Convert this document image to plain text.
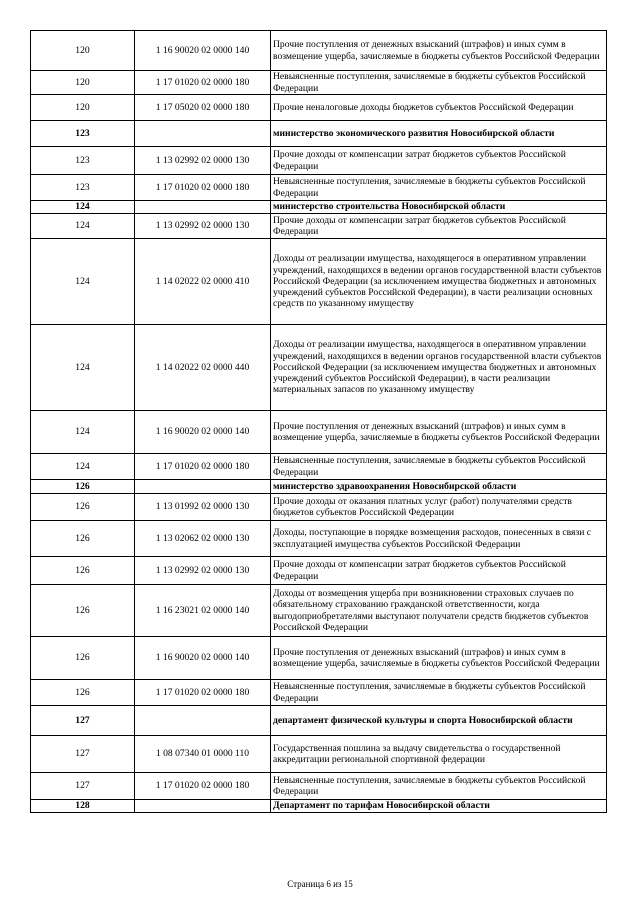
120	1 16 90020 02 0000 140	Прочие поступления от денежных взысканий (штрафов) и иных сумм в возмещение ущерба, зачисляемые в бюджеты субъектов Российской Федерации
120	1 17 01020 02 0000 180	Невыясненные поступления, зачисляемые в бюджеты субъектов Российской Федерации
120	1 17 05020 02 0000 180	Прочие неналоговые доходы бюджетов субъектов Российской Федерации
123		министерство экономического развития Новосибирской области
123	1 13 02992 02 0000 130	Прочие доходы от компенсации затрат бюджетов субъектов Российской Федерации
123	1 17 01020 02 0000 180	Невыясненные поступления, зачисляемые в бюджеты субъектов Российской Федерации
124		министерство строительства Новосибирской области
124	1 13 02992 02 0000 130	Прочие доходы от компенсации затрат бюджетов субъектов Российской Федерации
124	1 14 02022 02 0000 410	Доходы от реализации имущества, находящегося в оперативном управлении учреждений, находящихся в ведении органов государственной власти субъектов Российской Федерации (за исключением имущества бюджетных и автономных учреждений субъектов Российской Федерации), в части реализации основных средств по указанному имуществу
124	1 14 02022 02 0000 440	Доходы от реализации имущества, находящегося в оперативном управлении учреждений, находящихся в ведении органов государственной власти субъектов Российской Федерации (за исключением имущества бюджетных и автономных учреждений субъектов Российской Федерации), в части реализации материальных запасов по указанному имуществу
124	1 16 90020 02 0000 140	Прочие поступления от денежных взысканий (штрафов) и иных сумм в возмещение ущерба, зачисляемые в бюджеты субъектов Российской Федерации
124	1 17 01020 02 0000 180	Невыясненные поступления, зачисляемые в бюджеты субъектов Российской Федерации
126		министерство здравоохранения Новосибирской области
126	1 13 01992 02 0000 130	Прочие доходы от оказания платных услуг (работ) получателями средств бюджетов субъектов Российской Федерации
126	1 13 02062 02 0000 130	Доходы, поступающие в порядке возмещения расходов, понесенных в связи с эксплуатацией имущества субъектов Российской Федерации
126	1 13 02992 02 0000 130	Прочие доходы от компенсации затрат бюджетов субъектов Российской Федерации
126	1 16 23021 02 0000 140	Доходы от возмещения ущерба при возникновении страховых случаев по обязательному страхованию гражданской ответственности, когда выгодоприобретателями выступают получатели средств бюджетов субъектов Российской Федерации
126	1 16 90020 02 0000 140	Прочие поступления от денежных взысканий (штрафов) и иных сумм в возмещение ущерба, зачисляемые в бюджеты субъектов Российской Федерации
126	1 17 01020 02 0000 180	Невыясненные поступления, зачисляемые в бюджеты субъектов Российской Федерации
127		департамент физической культуры и спорта Новосибирской области
127	1 08 07340 01 0000 110	Государственная пошлина за выдачу свидетельства о государственной аккредитации региональной спортивной федерации
127	1 17 01020 02 0000 180	Невыясненные поступления, зачисляемые в бюджеты субъектов Российской Федерации
128		Департамент по тарифам Новосибирской области
Страница 6 из 15
